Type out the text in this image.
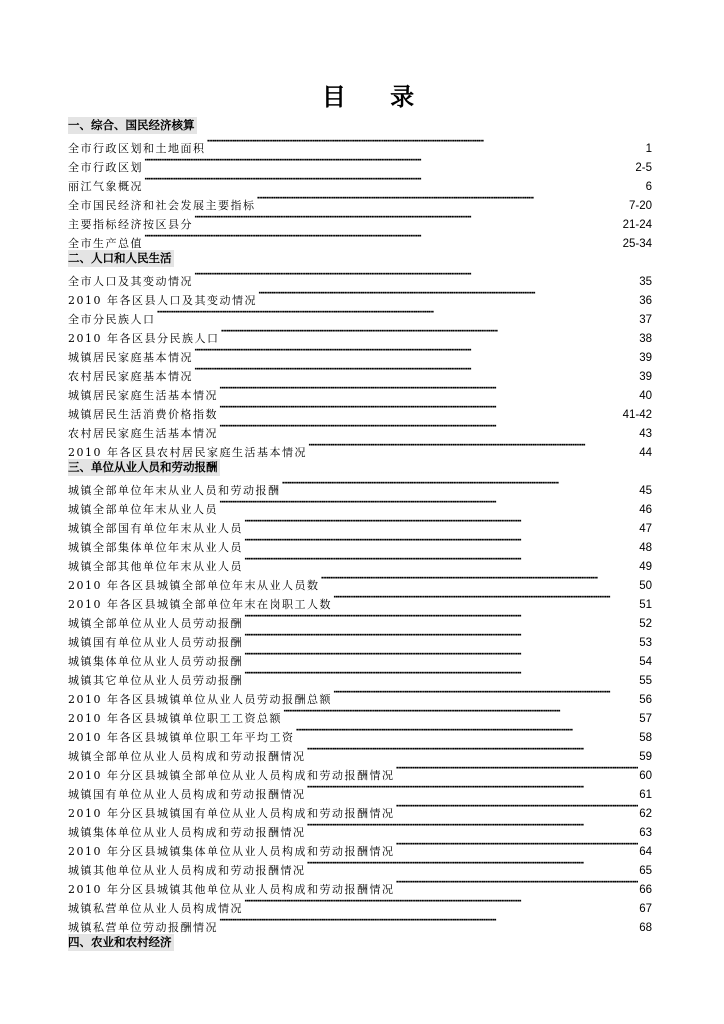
目 录
一、综合、国民经济核算
全市行政区划和土地面积 ·····	1
全市行政区划 ·····	2-5
丽江气象概况 ·····	6
全市国民经济和社会发展主要指标 ·····	7-20
主要指标经济按区县分 ·····	21-24
全市生产总值 ·····	25-34
二、人口和人民生活
全市人口及其变动情况 ·····	35
2010 年各区县人口及其变动情况 ·····	36
全市分民族人口 ·····	37
2010 年各区县分民族人口 ·····	38
城镇居民家庭基本情况 ·····	39
农村居民家庭基本情况 ·····	39
城镇居民家庭生活基本情况 ·····	40
城镇居民生活消费价格指数 ·····	41-42
农村居民家庭生活基本情况 ·····	43
2010 年各区县农村居民家庭生活基本情况 ·····	44
三、单位从业人员和劳动报酬
城镇全部单位年末从业人员和劳动报酬 ·····	45
城镇全部单位年末从业人员 ·····	46
城镇全部国有单位年末从业人员 ·····	47
城镇全部集体单位年末从业人员 ·····	48
城镇全部其他单位年末从业人员 ·····	49
2010 年各区县城镇全部单位年末从业人员数 ·····	50
2010 年各区县城镇全部单位年末在岗职工人数 ·····	51
城镇全部单位从业人员劳动报酬 ·····	52
城镇国有单位从业人员劳动报酬 ·····	53
城镇集体单位从业人员劳动报酬 ·····	54
城镇其它单位从业人员劳动报酬 ·····	55
2010 年各区县城镇单位从业人员劳动报酬总额 ·····	56
2010 年各区县城镇单位职工工资总额 ·····	57
2010 年各区县城镇单位职工年平均工资 ·····	58
城镇全部单位从业人员构成和劳动报酬情况 ·····	59
2010 年分区县城镇全部单位从业人员构成和劳动报酬情况 ·····	60
城镇国有单位从业人员构成和劳动报酬情况 ·····	61
2010 年分区县城镇国有单位从业人员构成和劳动报酬情况 ·····	62
城镇集体单位从业人员构成和劳动报酬情况 ·····	63
2010 年分区县城镇集体单位从业人员构成和劳动报酬情况 ·····	64
城镇其他单位从业人员构成和劳动报酬情况 ·····	65
2010 年分区县城镇其他单位从业人员构成和劳动报酬情况 ·····	66
城镇私营单位从业人员构成情况 ·····	67
城镇私营单位劳动报酬情况 ·····	68
四、农业和农村经济
